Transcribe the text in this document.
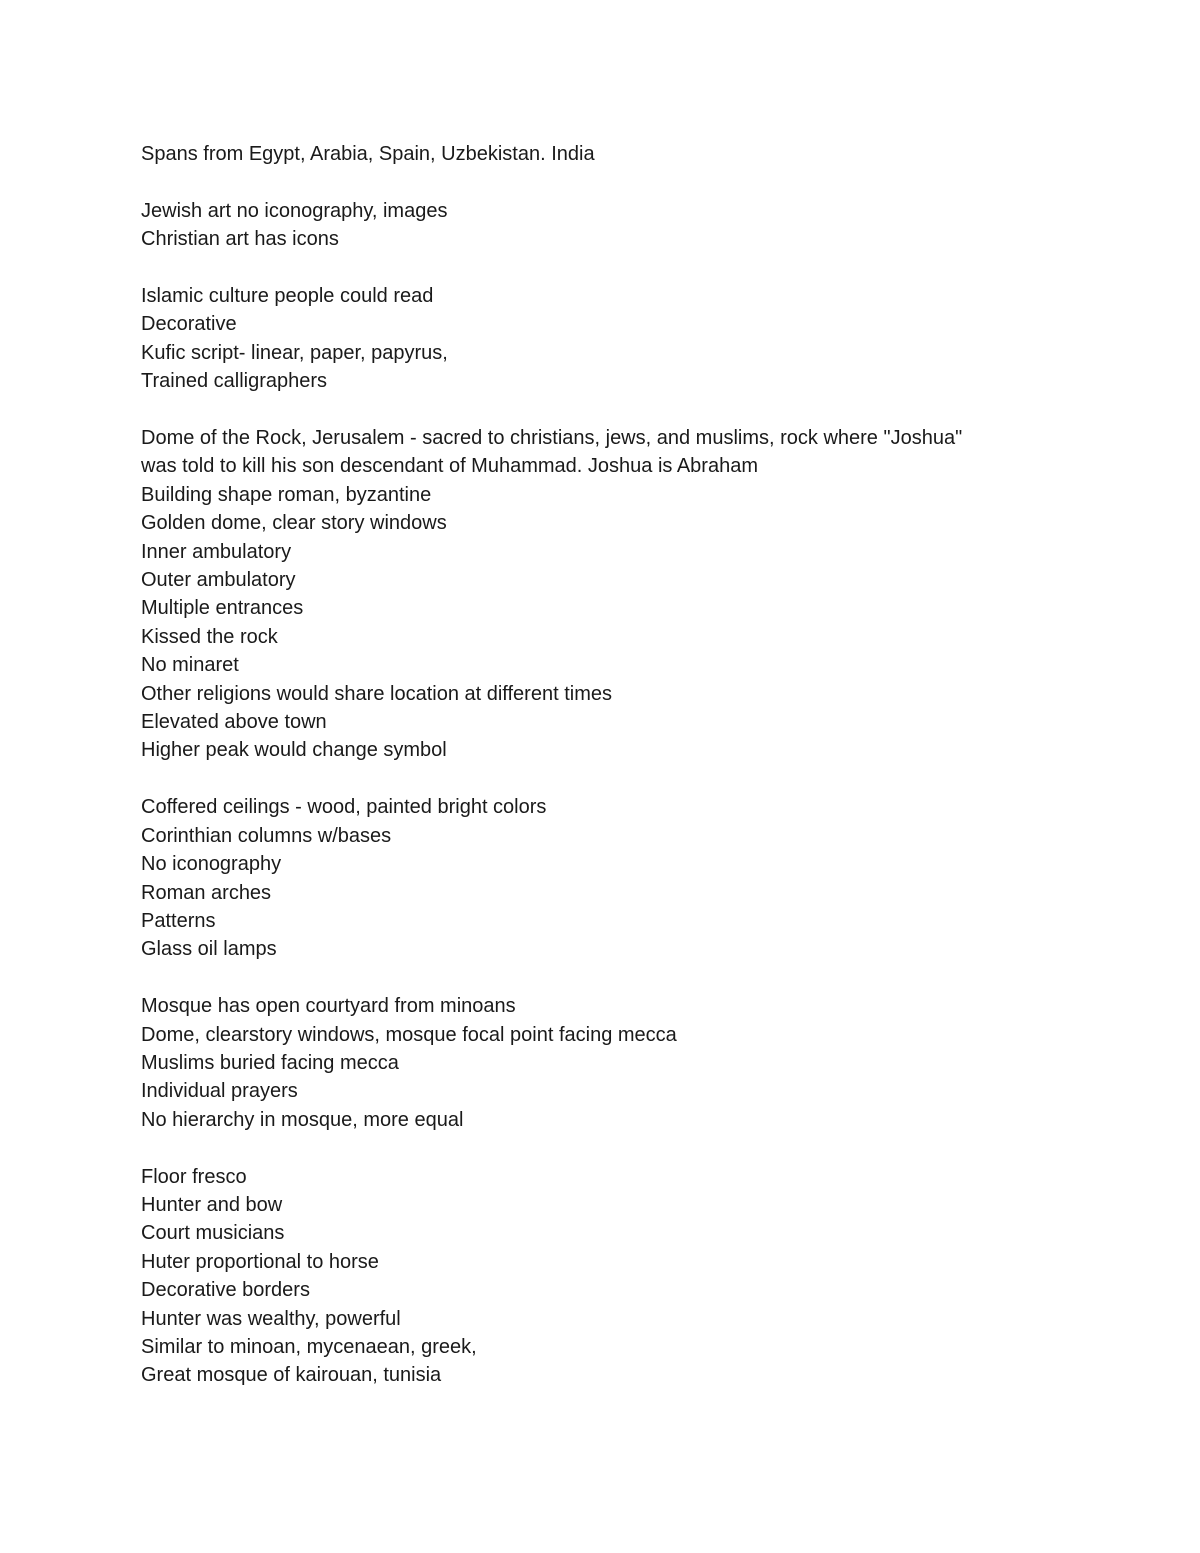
Spans from Egypt, Arabia, Spain, Uzbekistan. India
Jewish art no iconography, images
Christian art has icons
Islamic culture people could read
Decorative
Kufic script- linear, paper, papyrus,
Trained calligraphers
Dome of the Rock, Jerusalem - sacred to christians, jews, and muslims, rock where "Joshua"
was told to kill his son descendant of Muhammad. Joshua is Abraham
Building shape roman, byzantine
Golden dome, clear story windows
Inner ambulatory
Outer ambulatory
Multiple entrances
Kissed the rock
No minaret
Other religions would share location at different times
Elevated above town
Higher peak would change symbol
Coffered ceilings - wood, painted bright colors
Corinthian columns w/bases
No iconography
Roman arches
Patterns
Glass oil lamps
Mosque has open courtyard from minoans
Dome, clearstory windows, mosque focal point facing mecca
Muslims buried facing mecca
Individual prayers
No hierarchy in mosque, more equal
Floor fresco
Hunter and bow
Court musicians
Huter proportional to horse
Decorative borders
Hunter was wealthy, powerful
Similar to minoan, mycenaean, greek,
Great mosque of kairouan, tunisia
